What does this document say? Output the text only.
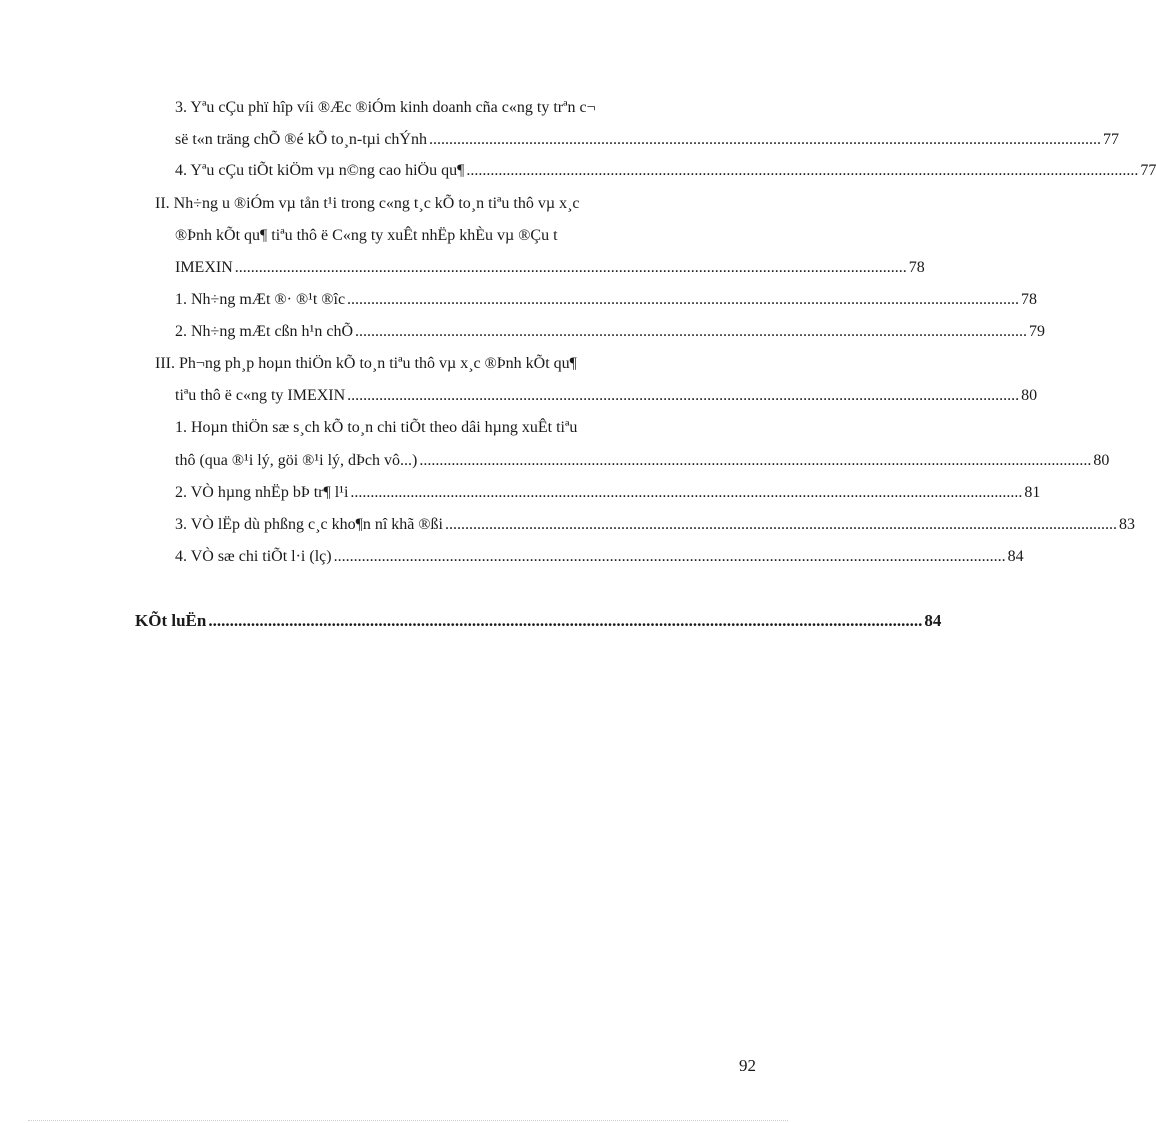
3. Yªu cÇu phï hîp víi ®Æc ®iÓm kinh doanh cña c«ng ty trªn c¬
së t«n träng chÕ ®é kÕ to¸n-tµi chÝnh ........................................................................................................................................................................ 77
4. Yªu cÇu tiÕt kiÖm vµ n©ng cao hiÖu qu¶ ........................................................................................................................................................................ 77
II. Nh÷ng u ®iÓm vµ tån t¹i trong c«ng t¸c kÕ to¸n tiªu thô vµ x¸c
®Þnh kÕt qu¶ tiªu thô ë C«ng ty xuÊt nhËp khÈu vµ ®Çu t
IMEXIN ........................................................................................................................................................................ 78
1. Nh÷ng mÆt ®· ®¹t ®îc ........................................................................................................................................................................ 78
2. Nh÷ng mÆt cßn h¹n chÕ ........................................................................................................................................................................ 79
III. Ph¬ng ph¸p hoµn thiÖn kÕ to¸n tiªu thô vµ x¸c ®Þnh kÕt qu¶
tiªu thô ë c«ng ty IMEXIN ........................................................................................................................................................................ 80
1. Hoµn thiÖn sæ s¸ch kÕ to¸n chi tiÕt theo dâi hµng xuÊt tiªu
thô (qua ®¹i lý, göi ®¹i lý, dÞch vô...) ........................................................................................................................................................................ 80
2. VÒ hµng nhËp bÞ tr¶ l¹i ........................................................................................................................................................................ 81
3. VÒ lËp dù phßng c¸c kho¶n nî khã ®ßi ........................................................................................................................................................................ 83
4. VÒ sæ chi tiÕt l·i (lç) ........................................................................................................................................................................ 84
KÕt luËn ........................................................................................................................................................................ 84
92
